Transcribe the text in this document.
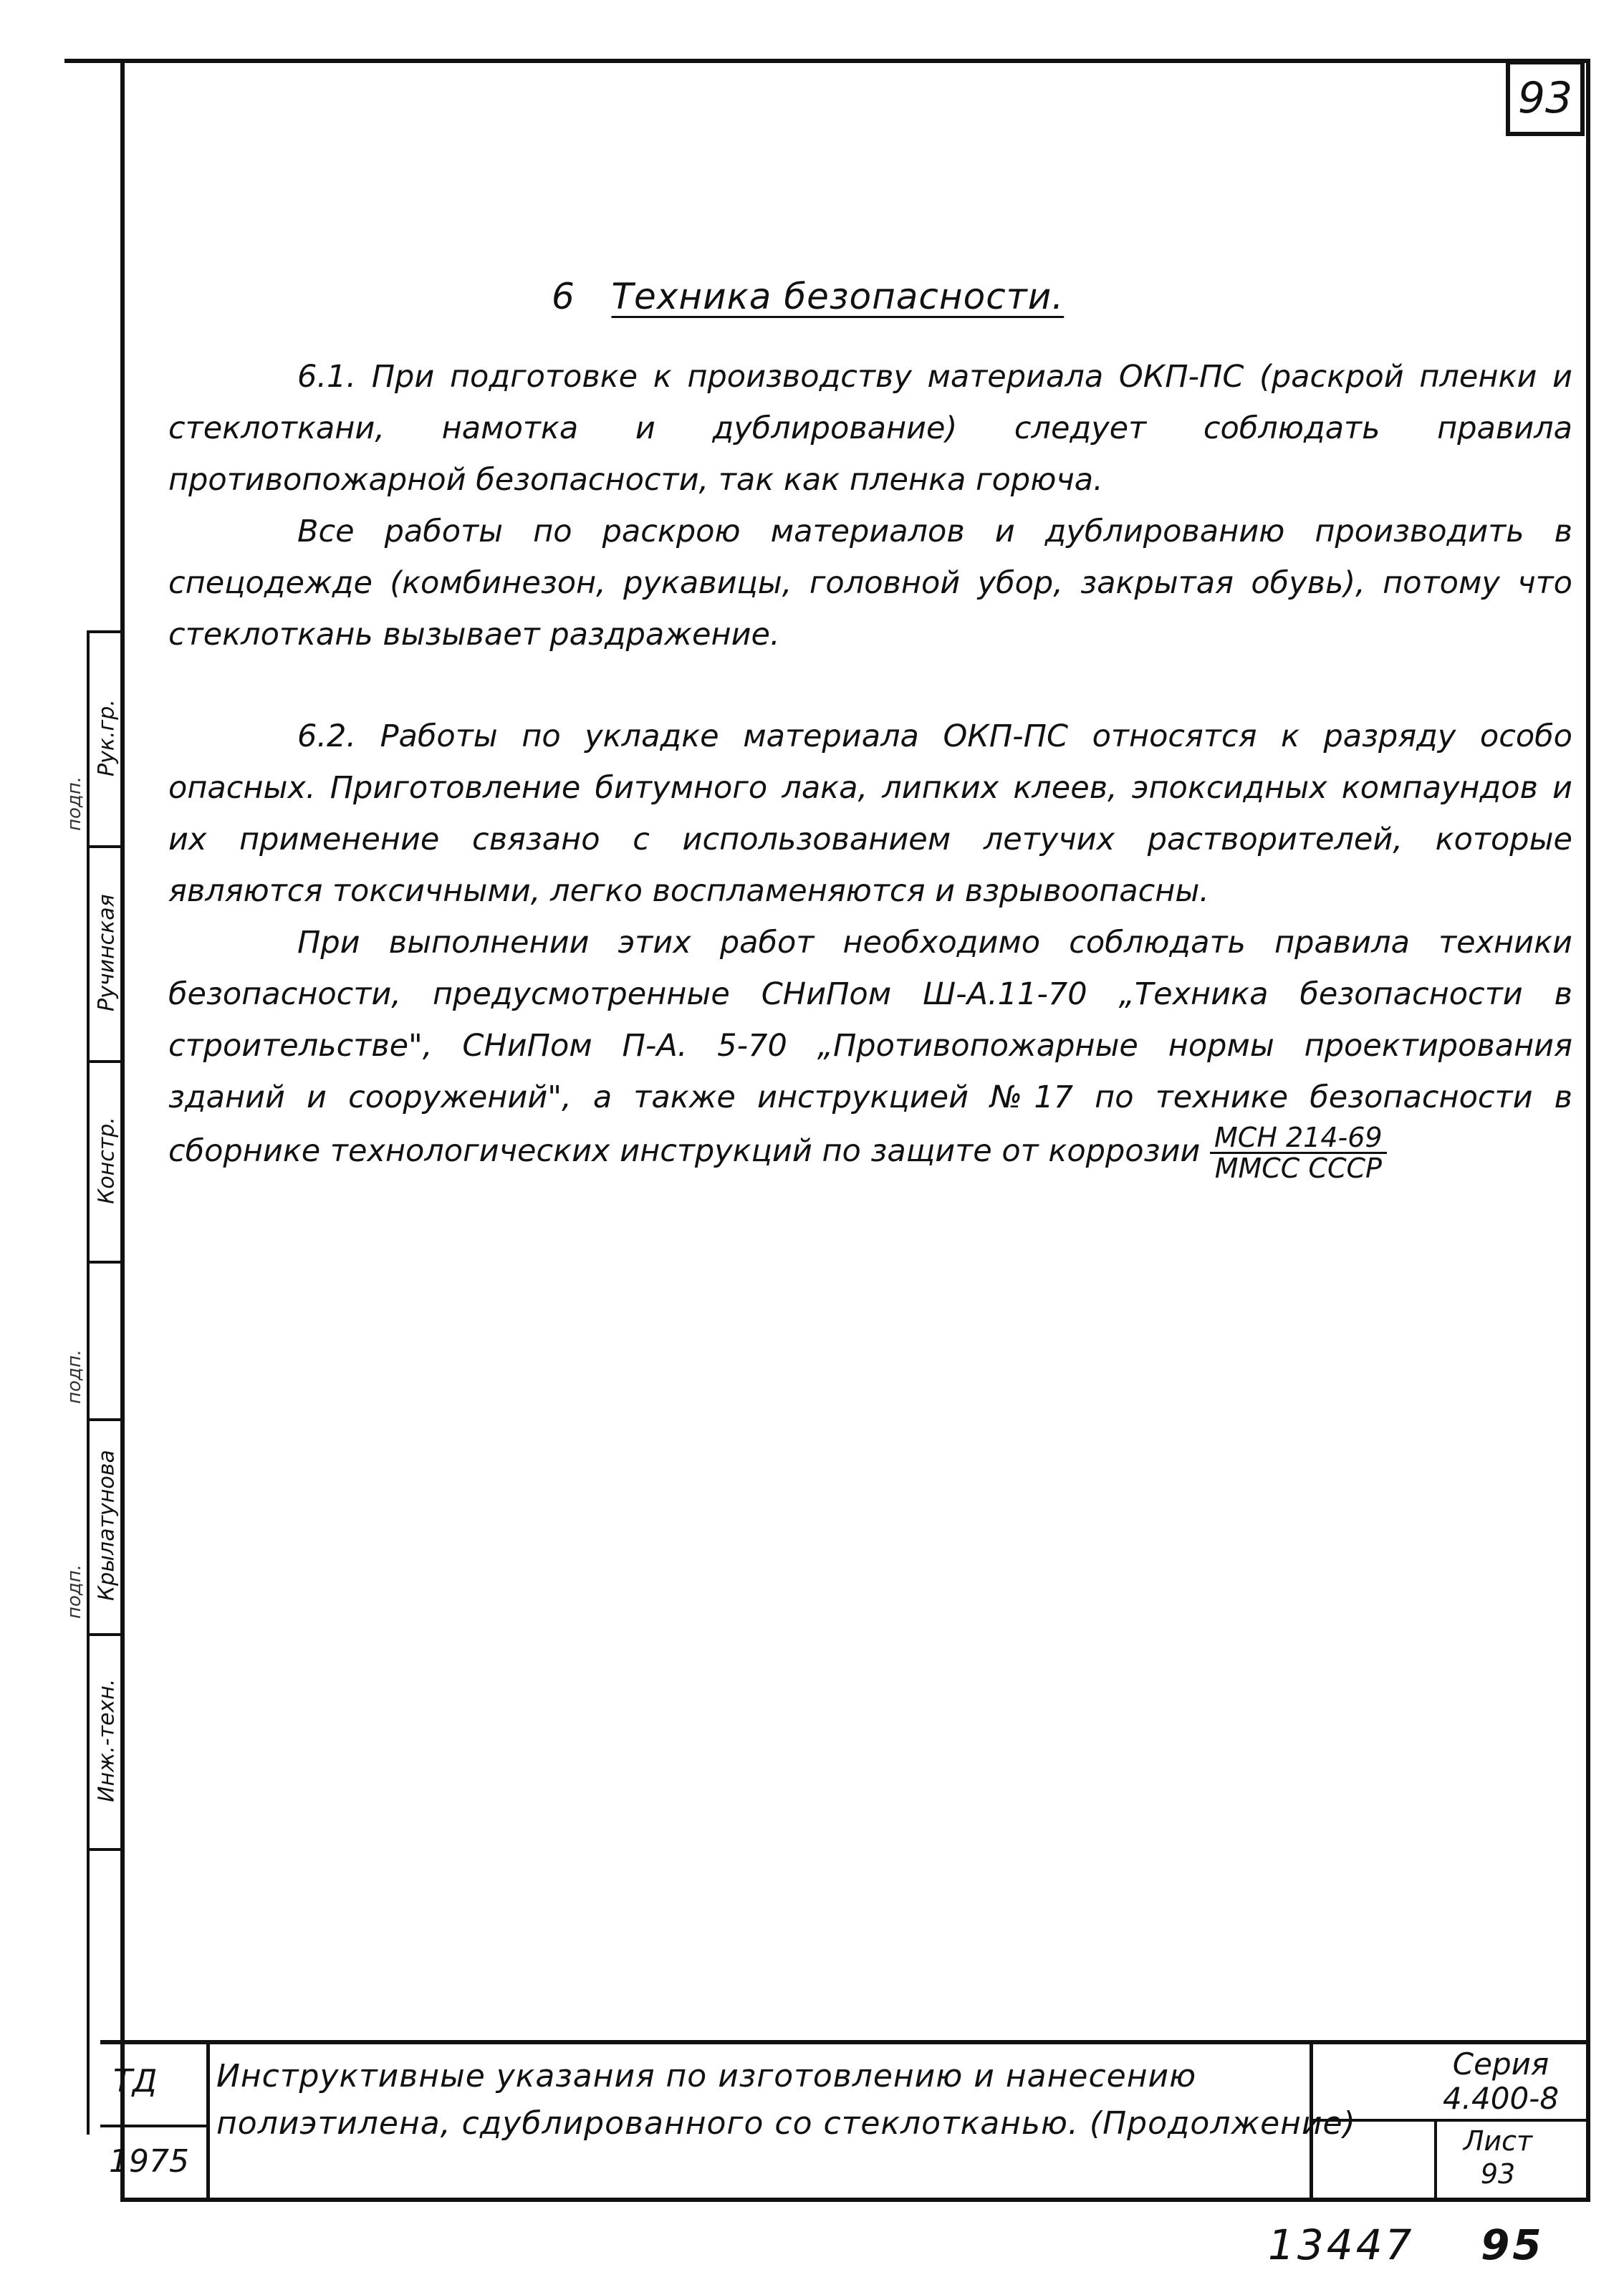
93
6 Техника безопасности.

6.1. При подготовке к производству материала ОКП-ПС (раскрой пленки и стеклоткани, намотка и дублирование) следует соблюдать правила противопожарной безопасности, так как пленка горюча.

Все работы по раскрою материалов и дублированию производить в спецодежде (комбинезон, рукавицы, головной убор, закрытая обувь), потому что стеклоткань вызывает раздражение.

6.2. Работы по укладке материала ОКП-ПС относятся к разряду особо опасных. Приготовление битумного лака, липких клеев, эпоксидных компаундов и их применение связано с использованием летучих растворителей, которые являются токсичными, легко воспламеняются и взрывоопасны.

При выполнении этих работ необходимо соблюдать правила техники безопасности, предусмотренные СНиПом Ш-А.11-70 „Техника безопасности в строительстве", СНиПом П-А. 5-70 „Противопожарные нормы проектирования зданий и сооружений", а также инструкцией №17 по технике безопасности в сборнике технологических инструкций по защите от коррозии $\frac{\text{МСН 214-69}}{\text{ММСС СССР}}$

Рук.гр.
подп.
Ручинская
Констр.
подп.
Крылатунова
подп.
Инж.-техн.
ТД
1975
Инструктивные указания по изготовлению и нанесению полиэтилена, сдублированного со стеклотканью. (Продолжение)
Серия
4.400-8
Лист
93
13447 95
